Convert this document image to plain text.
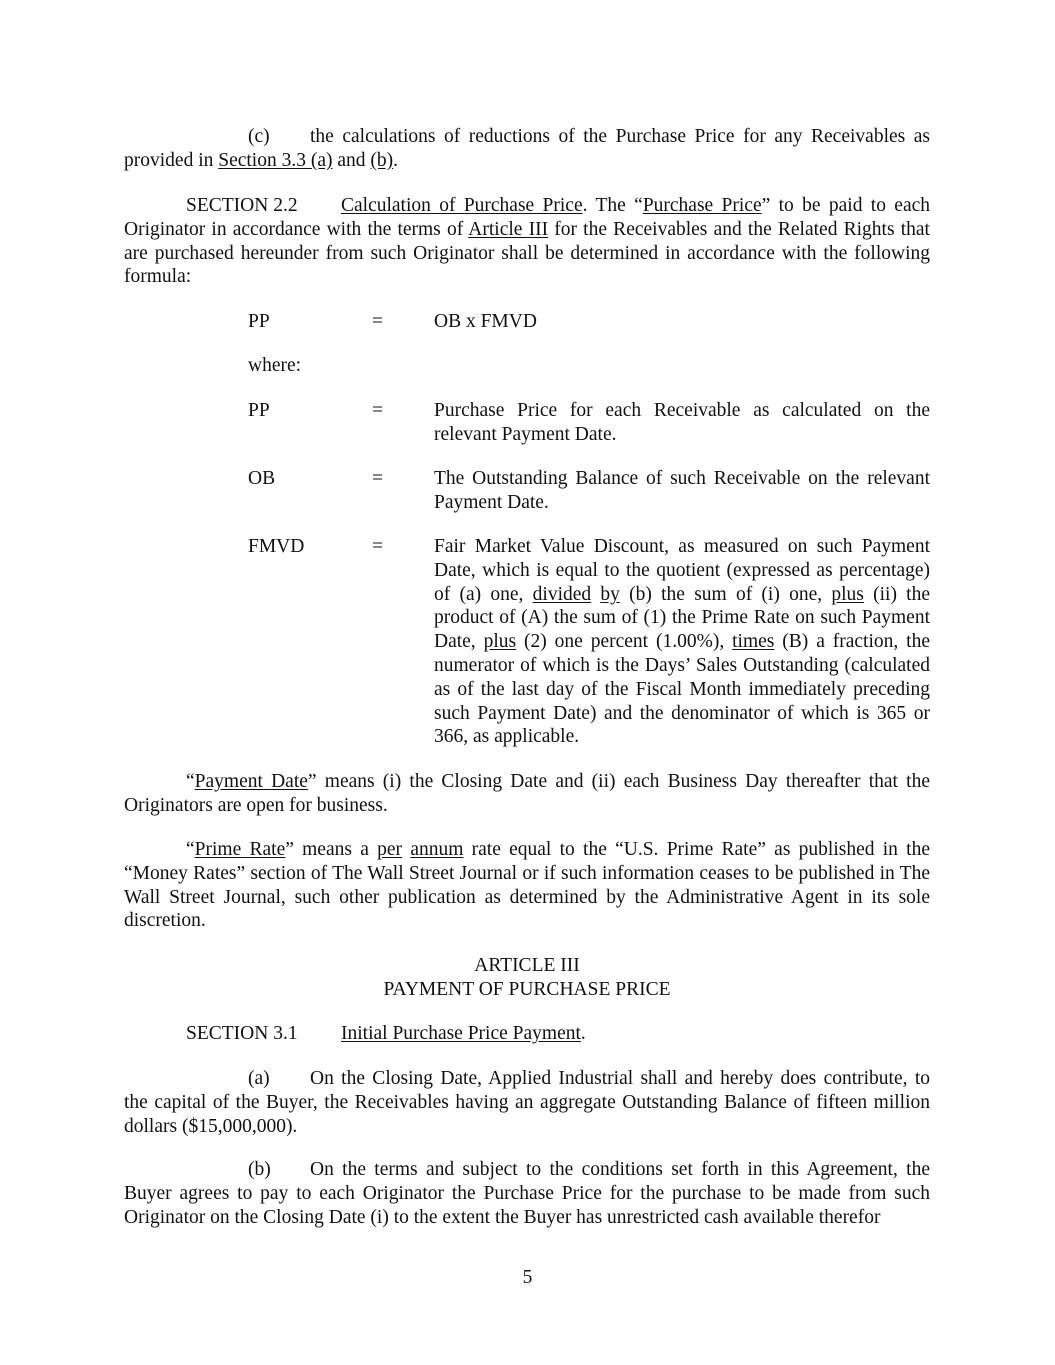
(c) the calculations of reductions of the Purchase Price for any Receivables as provided in Section 3.3 (a) and (b).

SECTION 2.2 Calculation of Purchase Price. The “Purchase Price” to be paid to each Originator in accordance with the terms of Article III for the Receivables and the Related Rights that are purchased hereunder from such Originator shall be determined in accordance with the following formula:

PP	=	OB x FMVD
where:
PP	=	Purchase Price for each Receivable as calculated on the relevant Payment Date.
OB	=	The Outstanding Balance of such Receivable on the relevant Payment Date.
FMVD	=	Fair Market Value Discount, as measured on such Payment Date, which is equal to the quotient (expressed as percentage) of (a) one, divided by (b) the sum of (i) one, plus (ii) the product of (A) the sum of (1) the Prime Rate on such Payment Date, plus (2) one percent (1.00%), times (B) a fraction, the numerator of which is the Days’ Sales Outstanding (calculated as of the last day of the Fiscal Month immediately preceding such Payment Date) and the denominator of which is 365 or 366, as applicable.

“Payment Date” means (i) the Closing Date and (ii) each Business Day thereafter that the Originators are open for business.

“Prime Rate” means a per annum rate equal to the “U.S. Prime Rate” as published in the “Money Rates” section of The Wall Street Journal or if such information ceases to be published in The Wall Street Journal, such other publication as determined by the Administrative Agent in its sole discretion.

ARTICLE III
PAYMENT OF PURCHASE PRICE

SECTION 3.1 Initial Purchase Price Payment.

(a) On the Closing Date, Applied Industrial shall and hereby does contribute, to the capital of the Buyer, the Receivables having an aggregate Outstanding Balance of fifteen million dollars ($15,000,000).

(b) On the terms and subject to the conditions set forth in this Agreement, the Buyer agrees to pay to each Originator the Purchase Price for the purchase to be made from such Originator on the Closing Date (i) to the extent the Buyer has unrestricted cash available therefor

5
